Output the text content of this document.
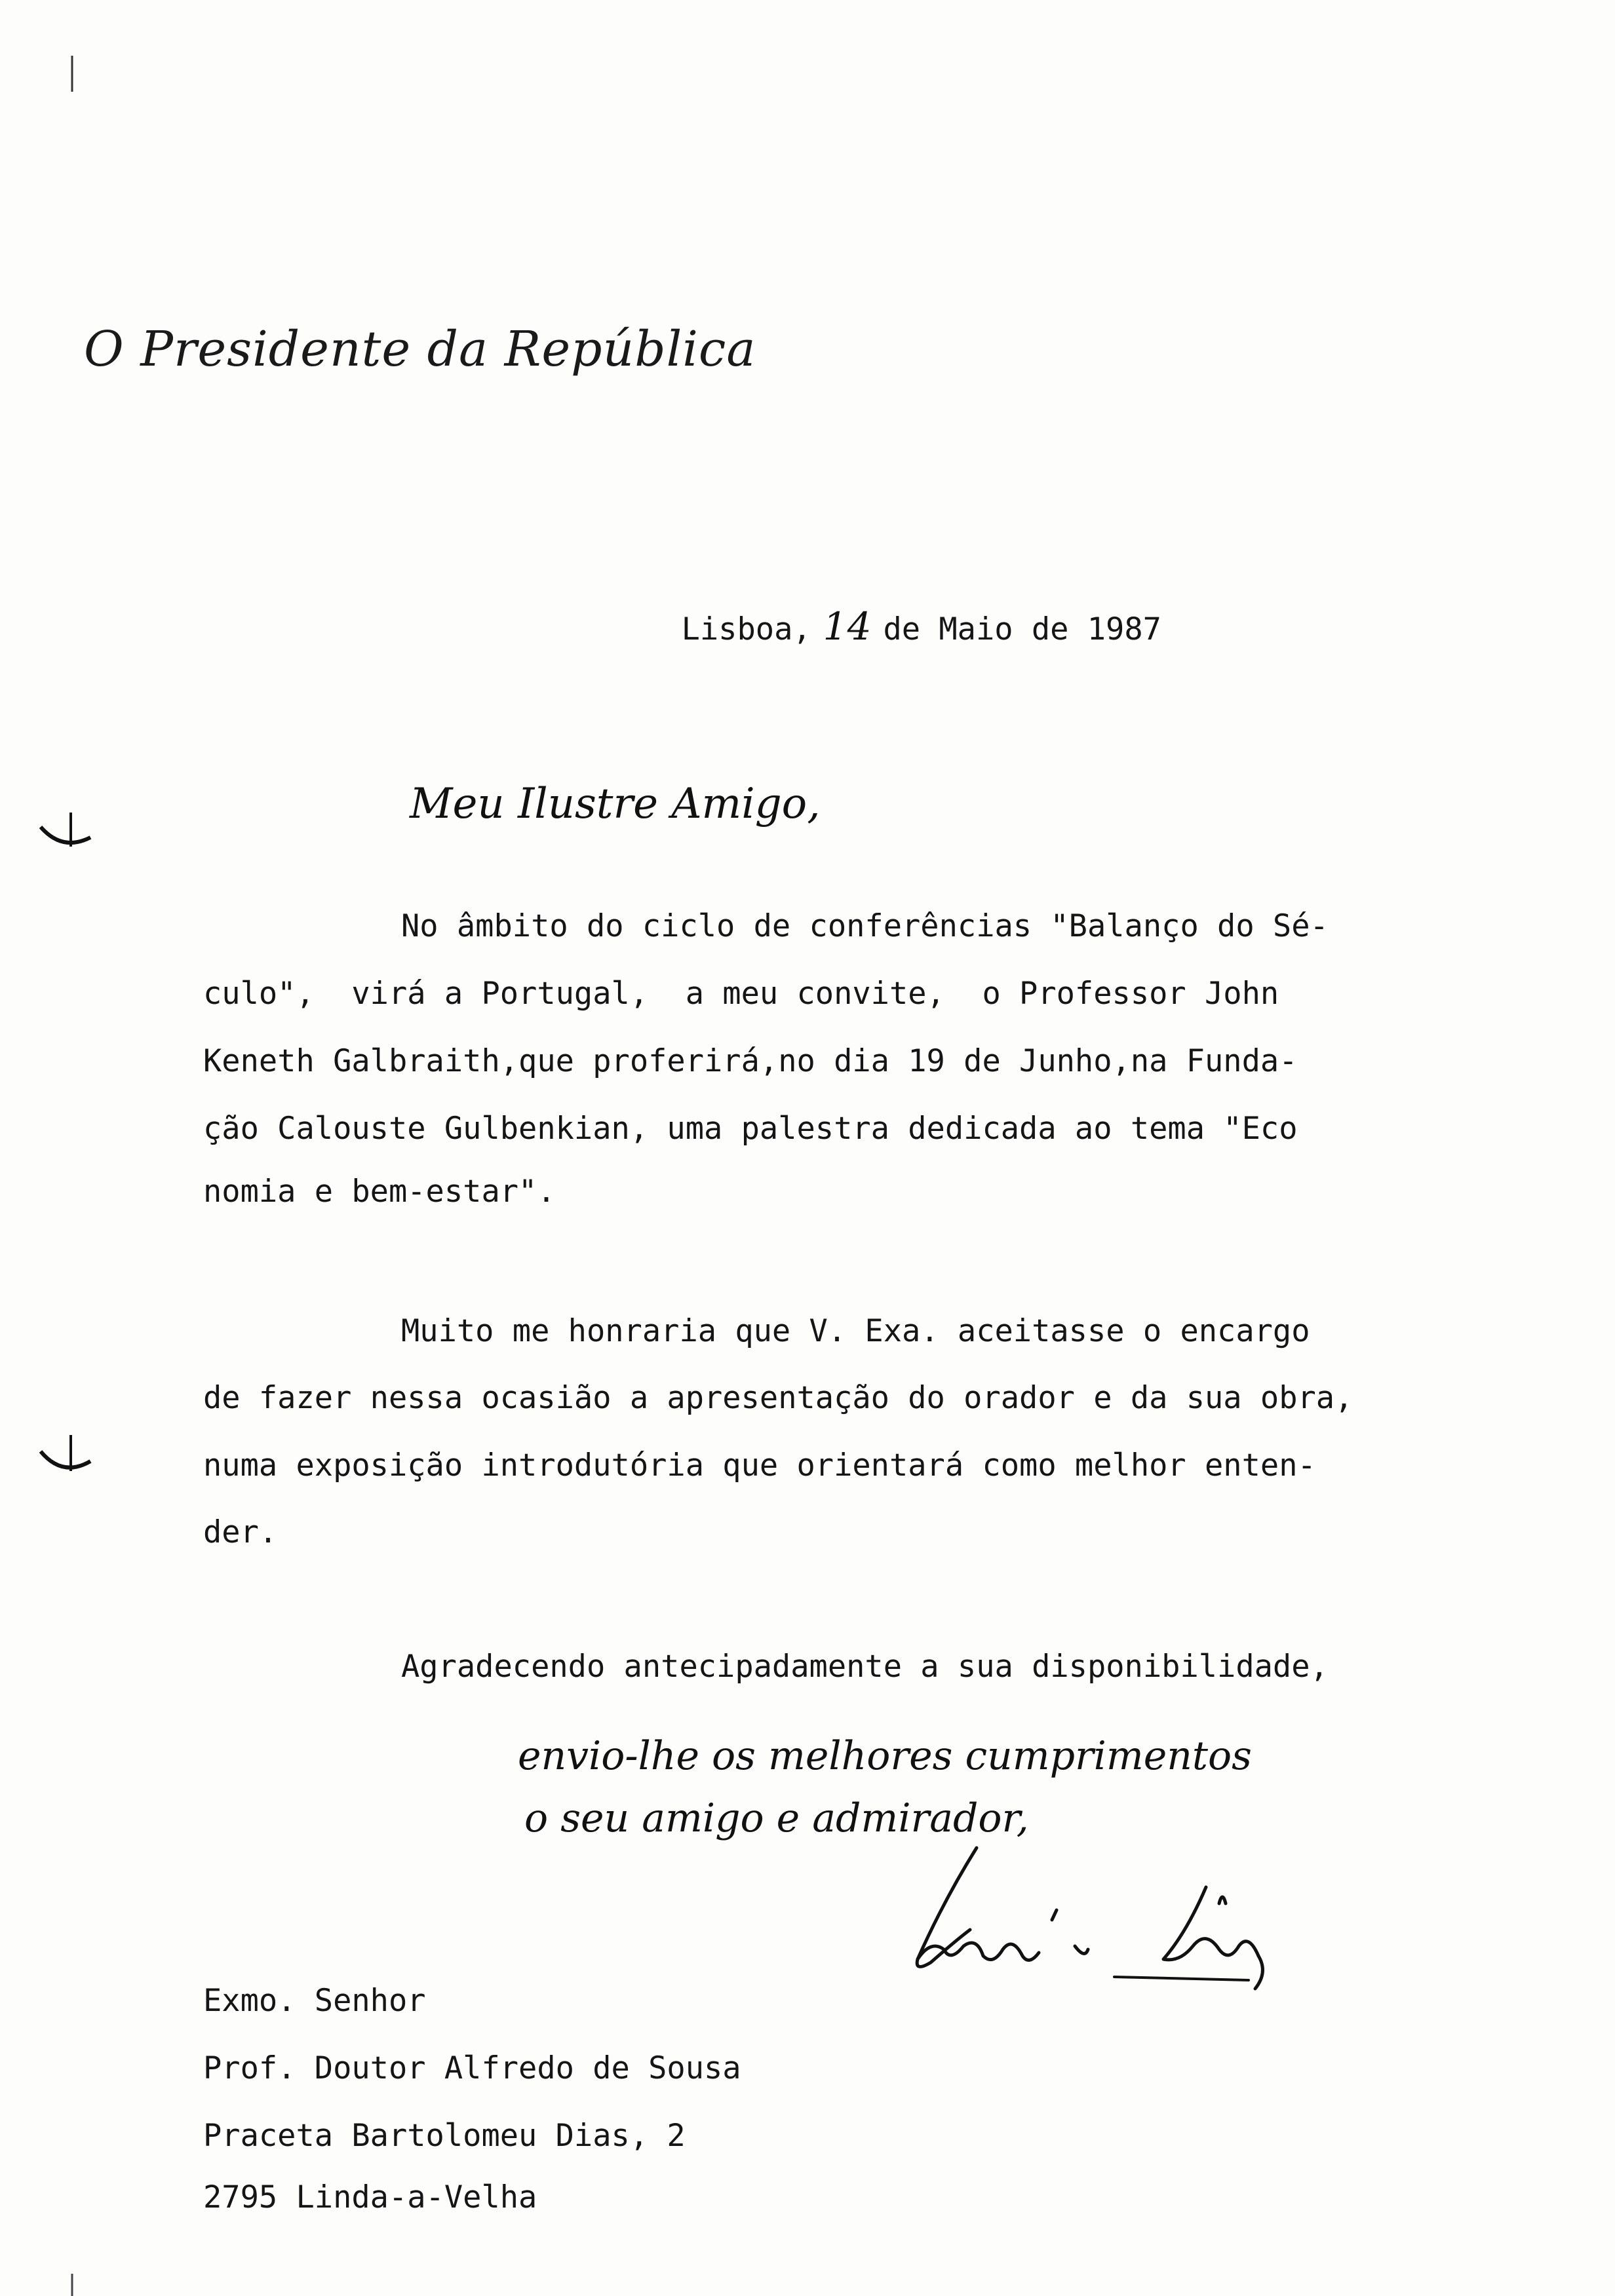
O Presidente da República

Lisboa, 14 de Maio de 1987

Meu Ilustre Amigo,
No âmbito do ciclo de conferências "Balanço do Sé-
culo",  virá a Portugal,  a meu convite,  o Professor John
Keneth Galbraith,que proferirá,no dia 19 de Junho,na Funda-
ção Calouste Gulbenkian, uma palestra dedicada ao tema "Eco
nomia e bem-estar".
Muito me honraria que V. Exa. aceitasse o encargo
de fazer nessa ocasião a apresentação do orador e da sua obra,
numa exposição introdutória que orientará como melhor enten-
der.
Agradecendo antecipadamente a sua disponibilidade,
envio-lhe os melhores cumprimentos
o seu amigo e admirador,
Exmo. Senhor
Prof. Doutor Alfredo de Sousa
Praceta Bartolomeu Dias, 2
2795 Linda-a-Velha
